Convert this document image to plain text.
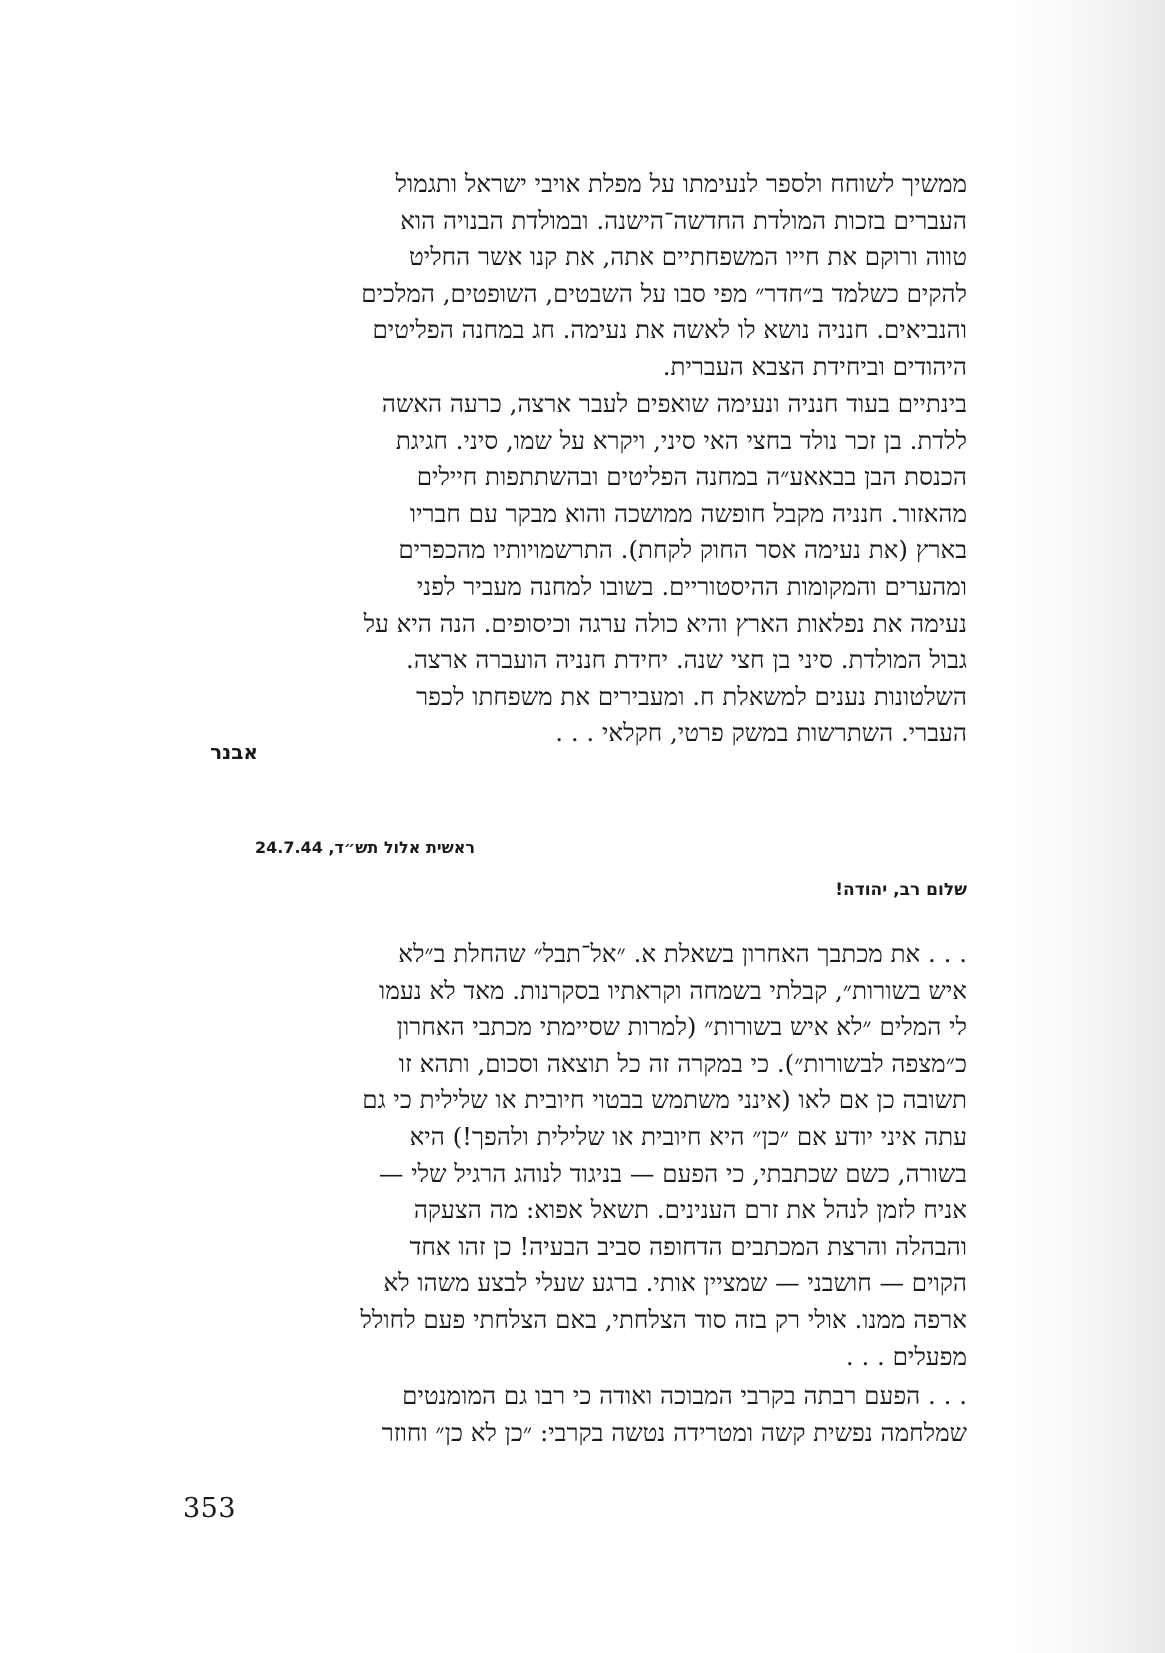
ממשיך לשוחח ולספר לנעימתו על מפלת אויבי ישראל ותגמול
העברים בזכות המולדת החדשה־הישנה. ובמולדת הבנויה הוא
טווה ורוקם את חייו המשפחתיים אתה, את קנו אשר החליט
להקים כשלמד ב״חדר״ מפי סבו על השבטים, השופטים, המלכים
והנביאים. חנניה נושא לו לאשה את נעימה. חג במחנה הפליטים
היהודים וביחידת הצבא העברית.
בינתיים בעוד חנניה ונעימה שואפים לעבר ארצה, כרעה האשה
ללדת. בן זכר נולד בחצי האי סיני, ויקרא על שמו, סיני. חגיגת
הכנסת הבן בבאאע״ה במחנה הפליטים ובהשתתפות חיילים
מהאזור. חנניה מקבל חופשה ממושכה והוא מבקר עם חבריו
בארץ (את נעימה אסר החוק לקחת). התרשמויותיו מהכפרים
ומהערים והמקומות ההיסטוריים. בשובו למחנה מעביר לפני
נעימה את נפלאות הארץ והיא כולה ערגה וכיסופים. הנה היא על
גבול המולדת. סיני בן חצי שנה. יחידת חנניה הועברה ארצה.
השלטונות נענים למשאלת ח. ומעבירים את משפחתו לכפר
העברי. השתרשות במשק פרטי, חקלאי . . .
אבנר
ראשית אלול תש״ד, 24.7.44
שלום רב, יהודה!
. . . את מכתבך האחרון בשאלת א. ״אל־תבל״ שהחלת ב״לא
איש בשורות״, קבלתי בשמחה וקראתיו בסקרנות. מאד לא נעמו
לי המלים ״לא איש בשורות״ (למרות שסיימתי מכתבי האחרון
כ״מצפה לבשורות״). כי במקרה זה כל תוצאה וסכום, ותהא זו
תשובה כן אם לאו (אינני משתמש בבטוי חיובית או שלילית כי גם
עתה איני יודע אם ״כן״ היא חיובית או שלילית ולהפך!) היא
בשורה, כשם שכתבתי, כי הפעם — בניגוד לנוהג הרגיל שלי —
אניח לזמן לנהל את זרם הענינים. תשאל אפוא: מה הצעקה
והבהלה והרצת המכתבים הדחופה סביב הבעיה! כן זהו אחד
הקוים — חושבני — שמציין אותי. ברגע שעלי לבצע משהו לא
ארפה ממנו. אולי רק בזה סוד הצלחתי, באם הצלחתי פעם לחולל
מפעלים . . .
. . . הפעם רבתה בקרבי המבוכה ואודה כי רבו גם המומנטים
שמלחמה נפשית קשה ומטרידה נטשה בקרבי: ״כן לא כן״ וחוזר
353
